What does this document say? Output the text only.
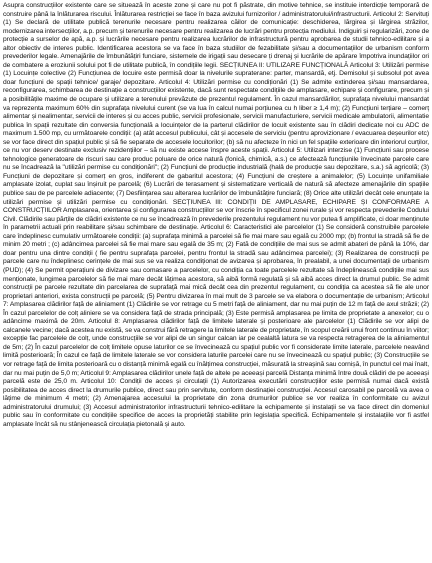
Asupra construcțiilor existente care se situează în aceste zone și care nu pot fi păstrate, din motive tehnice, se instituie interdicție temporară de construire până la înlăturarea riscului. Înlăturarea restricției se face în baza avizului furnizorilor / administratorului/infrastructurii. Articolul 2: Servituți (1) Se declară de utilitate publică terenurile necesare pentru realizarea căilor de comunicație: deschiderea, lărgirea și lărgirea străzilor, modernizarea intersecțiilor, a.p. precum și terenurile necesare pentru realizarea de lucrări pentru protecția mediului. Indiguiri și regularizări, zone de protecție a surselor de apă, a.p. și lucrările necesare pentru realizarea lucrărilor de infrastructură pentru aprobarea de studii tehnico-edilitare și a altor obiectiv de interes public. Identificarea acestora se va face în baza studiilor de fezabilitate și/sau a documentațiilor de urbanism conform prevederilor legale. Amenajările de îmbunătățiri funciare, sistemele de irigații sau desecare ți drenaj și lucrările de apărare împotriva inundațiilor ori de combatere a eroziunii solului pot fi de utilitate publică, în condițiile legii. SECȚIUNEA II: UTILIZARE FUNCȚIONALĂ Articolul 3: Utilizări permise (1) Locuințe colective (2) Funcțiunea de locuire este permisă doar la nivelurile supraterane: parter, mansardă, etj. Demisolul și subsolul pot avea doar funcțiuni de spații tehnice/ garaje/ depozitare. Articolul 4: Utilizări permise cu condiționări (1) Se admite extinderea și/sau mansardarea, reconfigurarea, schimbarea de destinație a construcțiilor existente, dacă sunt respectate condițiile de amplasare, echipare și configurare, precum și a posibilitățile maxime de ocupare și utilizare a terenului prevăzute de prezentul regulament. În cazul mansardărilor, suprafața nivelului mansardat va reprezenta maximum 60% din suprafața nivelului curent (se va lua în calcul numai porțiunea cu h liber ≥ 1,4 m); (2) Funcțiuni terțiare – comerț alimentar și nealimentar, servicii de interes și cu acces public, servicii profesionale, servicii manufacturiere, servicii medicale ambulatorii, alimentatie publica în spații rezultate din conversia funcțională a locuințelor de la parterul clădirilor de locuit existente sau în clădiri dedicate noi cu ADC de maximum 1.500 mp, cu următoarele condiții: (a) atât accesul publicului, cât și accesele de serviciu (pentru aprovizionare / evacuarea deșeurilor etc) se vor face direct din spațiul public și să fie separate de accesele locuitorilor; (b) să nu afecteze în nici un fel spațiile exterioare din interiorul curților, ce nu vor deserv destinate exclusiv rezidențiilor – să nu existe accese înspre aceste spații. Articolul 5: Utilizari interzise (1) Funcțiuni sau procese tehnologice generatoare de riscuri sau care produc poluare de orice natură (fonică, chimică, a.s.) ce afectează funcțiunile învecinate parcele care nu se încadrează la "utilizări permise cu condiționări"; (2) Funcțiuni de producție industrială (halâ de producție sau depozitare, s.a.) să agricolă; (3) Funcțiuni de depozitare și comerț en gros, indiferent de gabaritul acestora; (4) Funcțiuni de creștere a animalelor; (5) Locuințe unifamiliale amplasate izolat, cuplat sau înșiruit pe parcelă; (6) Lucrări de terasament și sistematizare verticală de natură să afecteze amenajările din spațiile publice sau de pe parcelele adiacente; (7) Desființarea sau alterarea lucrărilor de îmbunătățire funciară; (8) Orice alte utilizări decât cele enunțate la utilizări permise și utilizări permise cu condiționări. SECȚIUNEA III: CONDIȚII DE AMPLASARE, ECHIPARE ȘI CONFORMARE A CONSTRUCȚIILOR Amplasarea, orientarea și configurarea construcțiilor se vor înscrie în specificul zonei rurale și vor respecta prevederile Codului Civil. Clădirile sau părțile de clădiri existente ce nu se încadrează în prevederile prezentului regulament nu vor putea fi amplificate, ci doar menținute în parametrii actuali prin reabilitare și/sau schimbare de destinație. Articolul 6: Caracteristici ale parcelelor (1) Se consideră construibile parcelele care îndeplinesc cumulativ următoarele condiții: (a) suprafața minimă a parcelei să fie mai mare sau egală cu 2000 mp; (b) frontul la stradă să fie de minim 20 metri ; (c) adâncimea parcelei să fie mai mare sau egală de 35 m; (2) Fată de condițiile de mai sus se admit abateri de până la 10%, dar doar pentru una dintre condiții ( fie pentru suprafața parcelei, pentru frontul la stradă sau adâncimea parcelei); (3) Realizarea de construcții pe parcele care nu îndeplinesc cerințele de mai sus se va realiza condiționat de avizarea și aprobarea, în prealabil, a unei documentații de urbanism (PUD); (4) Se permit operațiuni de divizare sau comasare a parcelelor, cu condiția ca toate parcelele rezultate să îndeplinească condițiile mai sus menționate, lungimea parcelelor să fie mai mare decât lățimea acestora, să aibă formă regulată și să aibă acces direct la drumul public. Se admit construcții pe parcele rezultate din parcelarea de suprafață mai mică decât cea din prezentul regulament, cu condiția ca acestea să fie ale unor proprietari anteriori, exista construcții pe parcelă; (5) Pentru divizarea în mai mult de 3 parcele se va elabora o documentație de urbanism; Articolul 7: Amplasarea clădirilor față de aliniament (1) Clădirile se vor retrage cu 5 metri față de aliniament, dar nu mai puțin de 12 m față de axul străzii; (2) În cazul parcelelor de colț aliniere se va considera față de strada principală; (3) Este permisă amplasarea pe limita de proprietate a anexelor; cu o adâncime maximă de 20m. Articolul 8: Amplasarea clădirilor față de limitele laterale și posterioare ale parcelelor (1) Clădirile se vor alipi de calcanele vecine; dacă acestea nu există, se va construi fără retragere la limitele laterale de proprietate, în scopul creării unui front continuu în viitor; excepție fac parcelele de colț, unde construcțiile se vor alipi de un singur calcan iar pe cealaltă latura se va respecta retragerea de la aliniamentul de 5m; (2) În cazul parcelelor de colț limitele opuse laturilor ce se învecinează cu spațiul public vor fi considerate limite laterale, parcelele neavând limită posterioară; În cazul ce față de limitele laterale se vor considera laturile parcelei care nu se învecinează cu spațiul public; (3) Construcțiile se vor retrage față de limita posterioară cu o distanță minimă egală cu înălțimea construcției, măsurată la streașină sau cornișă, în punctul cel mai înalt, dar nu mai puțin de 5,0 m; Articolul 9: Amplasarea clădirilor unele față de altele pe aceeași parcelă Distanța minimă între două clădiri de pe aceeași parcelă este de 25,0 m. Articolul 10: Condiții de acces și circulații (1) Autorizarea executării construcțiilor este permisă numai dacă există posibilitatea de acces direct la drumurile publice, direct sau prin servitute, conform destinației construcției. Accesul carosabil pe parcelă va avea o lățime de minimum 4 metri; (2) Amenajarea accesului la proprietate din zona drumurilor publice se vor realiza în conformitate cu avizul administratorului drumului; (3) Accesul administratorilor infrastructurii tehnico-edilitare la echipamente și instalații se va face direct din domeniul public sau în conformitate cu condițiile specifice de acces la proprietăți stabilite prin legislația specifică. Echipamentele și instalațiile vor fi astfel amplasate încât să nu stânjenească circulația pietonală și auto.
